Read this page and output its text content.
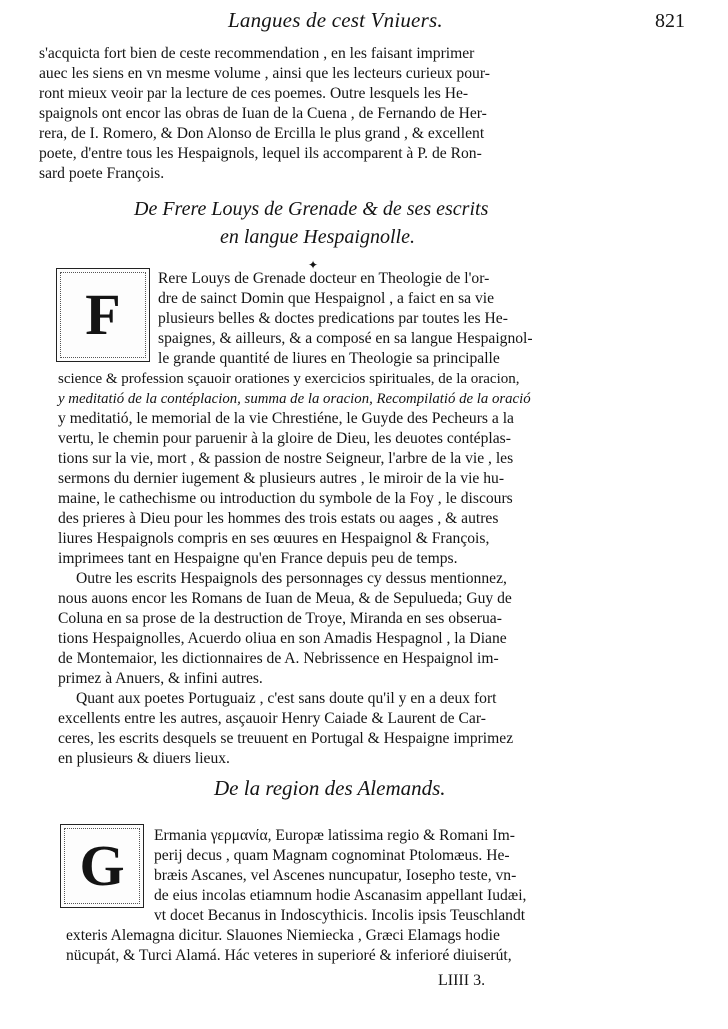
Langues de cest Vniuers.	821
s'acquicta fort bien de ceste recommendation , en les faisant imprimer
auec les siens en vn mesme volume , ainsi que les lecteurs curieux pour-
ront mieux veoir par la lecture de ces poemes. Outre lesquels les He-
spaignols ont encor las obras de Iuan de la Cuena , de Fernando de Her-
rera, de I. Romero, & Don Alonso de Ercilla le plus grand , & excellent
poete, d'entre tous les Hespaignols, lequel ils accomparent à P. de Ron-
sard poete François.
De Frere Louys de Grenade & de ses escrits
en langue Hespaignolle.
✦
F
Rere Louys de Grenade docteur en Theologie de l'or-
dre de sainct Domin que Hespaignol , a faict en sa vie
plusieurs belles & doctes predications par toutes les He-
spaignes, & ailleurs, & a composé en sa langue Hespaignol-
le grande quantité de liures en Theologie sa principalle
science & profession sçauoir orationes y exercicios spirituales, de la oracion,
y meditatió de la contéplacion, summa de la oracion, Recompilatió de la oració
y meditatió, le memorial de la vie Chrestiéne, le Guyde des Pecheurs a la
vertu, le chemin pour paruenir à la gloire de Dieu, les deuotes contéplas-
tions sur la vie, mort , & passion de nostre Seigneur, l'arbre de la vie , les
sermons du dernier iugement & plusieurs autres , le miroir de la vie hu-
maine, le cathechisme ou introduction du symbole de la Foy , le discours
des prieres à Dieu pour les hommes des trois estats ou aages , & autres
liures Hespaignols compris en ses œuures en Hespaignol & François,
imprimees tant en Hespaigne qu'en France depuis peu de temps.
Outre les escrits Hespaignols des personnages cy dessus mentionnez,
nous auons encor les Romans de Iuan de Meua, & de Sepulueda; Guy de
Coluna en sa prose de la destruction de Troye, Miranda en ses obserua-
tions Hespaignolles, Acuerdo oliua en son Amadis Hespagnol , la Diane
de Montemaior, les dictionnaires de A. Nebrissence en Hespaignol im-
primez à Anuers, & infini autres.
Quant aux poetes Portuguaiz , c'est sans doute qu'il y en a deux fort
excellents entre les autres, asçauoir Henry Caiade & Laurent de Car-
ceres, les escrits desquels se treuuent en Portugal & Hespaigne imprimez
en plusieurs & diuers lieux.
De la region des Alemands.
G Ermania γερμανία, Europæ latissima regio & Romani Im-
perij decus , quam Magnam cognominat Ptolomæus. He-
bræis Ascanes, vel Ascenes nuncupatur, Iosepho teste, vn-
de eius incolas etiamnum hodie Ascanasim appellant Iudæi,
vt docet Becanus in Indoscythicis. Incolis ipsis Teuschlandt
exteris Alemagna dicitur. Slauones Niemiecka , Græci Elamags hodie
nücupát, & Turci Alamá. Hác veteres in superioré & inferioré diuiserút,
LIIII 3.
